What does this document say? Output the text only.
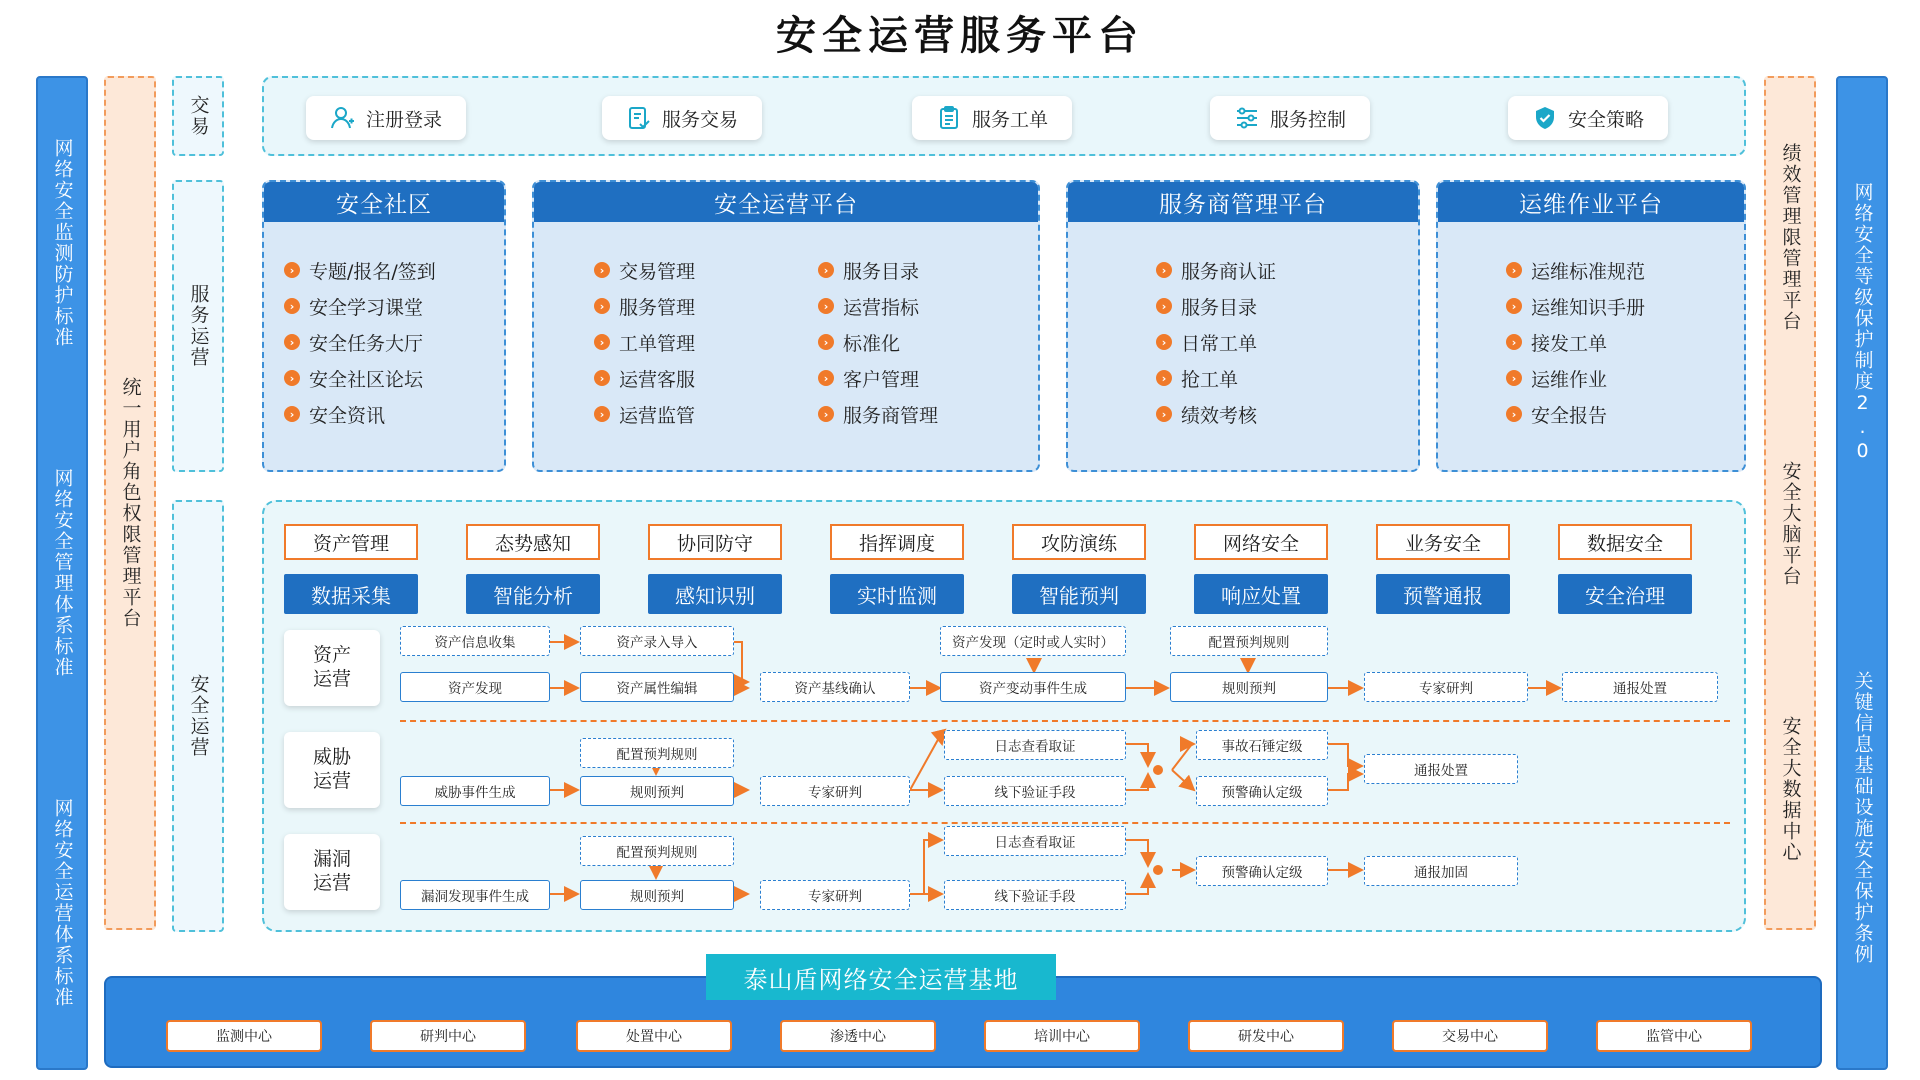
安全运营服务平台
网络安全监测防护标准
网络安全管理体系标准
网络安全运营体系标准
统一用户角色权限管理平台
交易
服务运营
安全运营
绩效管理限管理平台
安全大脑平台
安全大数据中心
网络安全等级保护制度2.0
关键信息基础设施安全保护条例
注册登录	服务交易	服务工单	服务控制	安全策略
安全社区
› 专题/报名/签到
› 安全学习课堂
› 安全任务大厅
› 安全社区论坛
› 安全资讯
安全运营平台
› 交易管理
› 服务管理
› 工单管理
› 运营客服
› 运营监管
› 服务目录
› 运营指标
› 标准化
› 客户管理
› 服务商管理
服务商管理平台
› 服务商认证
› 服务目录
› 日常工单
› 抢工单
› 绩效考核
运维作业平台
› 运维标准规范
› 运维知识手册
› 接发工单
› 运维作业
› 安全报告
资产管理	态势感知	协同防守	指挥调度	攻防演练	网络安全	业务安全	数据安全
数据采集	智能分析	感知识别	实时监测	智能预判	响应处置	预警通报	安全治理
资产
运营
威胁
运营
漏洞
运营
资产信息收集	资产录入导入
资产发现	资产属性编辑	资产基线确认
资产发现（定时或人实时）
资产变动事件生成
配置预判规则
规则预判	专家研判	通报处置
配置预判规则
威胁事件生成	规则预判	专家研判
日志查看取证
线下验证手段
事故石锤定级
预警确认定级
通报处置
配置预判规则
漏洞发现事件生成	规则预判	专家研判
日志查看取证
线下验证手段
预警确认定级	通报加固
泰山盾网络安全运营基地
监测中心	研判中心	处置中心	渗透中心	培训中心	研发中心	交易中心	监管中心
